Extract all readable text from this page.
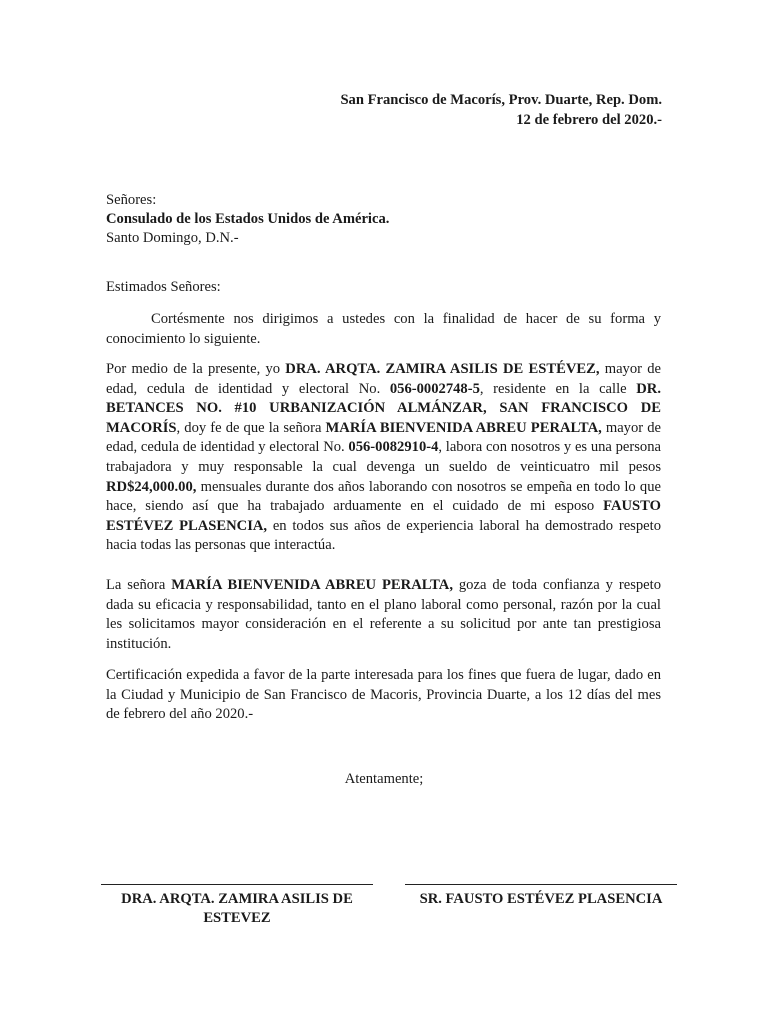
San Francisco de Macorís, Prov. Duarte, Rep. Dom.
12 de febrero del 2020.-
Señores:
Consulado de los Estados Unidos de América.
Santo Domingo, D.N.-
Estimados Señores:

Cortésmente nos dirigimos a ustedes con la finalidad de hacer de su forma y conocimiento lo siguiente.

Por medio de la presente, yo DRA. ARQTA. ZAMIRA ASILIS DE ESTÉVEZ, mayor de edad, cedula de identidad y electoral No. 056-0002748-5, residente en la calle DR. BETANCES NO. #10 URBANIZACIÓN ALMÁNZAR, SAN FRANCISCO DE MACORÍS, doy fe de que la señora MARÍA BIENVENIDA ABREU PERALTA, mayor de edad, cedula de identidad y electoral No. 056-0082910-4, labora con nosotros y es una persona trabajadora y muy responsable la cual devenga un sueldo de veinticuatro mil pesos RD$24,000.00, mensuales durante dos años laborando con nosotros se empeña en todo lo que hace, siendo así que ha trabajado arduamente en el cuidado de mi esposo FAUSTO ESTÉVEZ PLASENCIA, en todos sus años de experiencia laboral ha demostrado respeto hacia todas las personas que interactúa.

La señora MARÍA BIENVENIDA ABREU PERALTA, goza de toda confianza y respeto dada su eficacia y responsabilidad, tanto en el plano laboral como personal, razón por la cual les solicitamos mayor consideración en el referente a su solicitud por ante tan prestigiosa institución.

Certificación expedida a favor de la parte interesada para los fines que fuera de lugar, dado en la Ciudad y Municipio de San Francisco de Macoris, Provincia Duarte, a los 12 días del mes de febrero del año 2020.-

Atentamente;
DRA. ARQTA. ZAMIRA ASILIS DE ESTEVEZ
SR. FAUSTO ESTÉVEZ PLASENCIA
